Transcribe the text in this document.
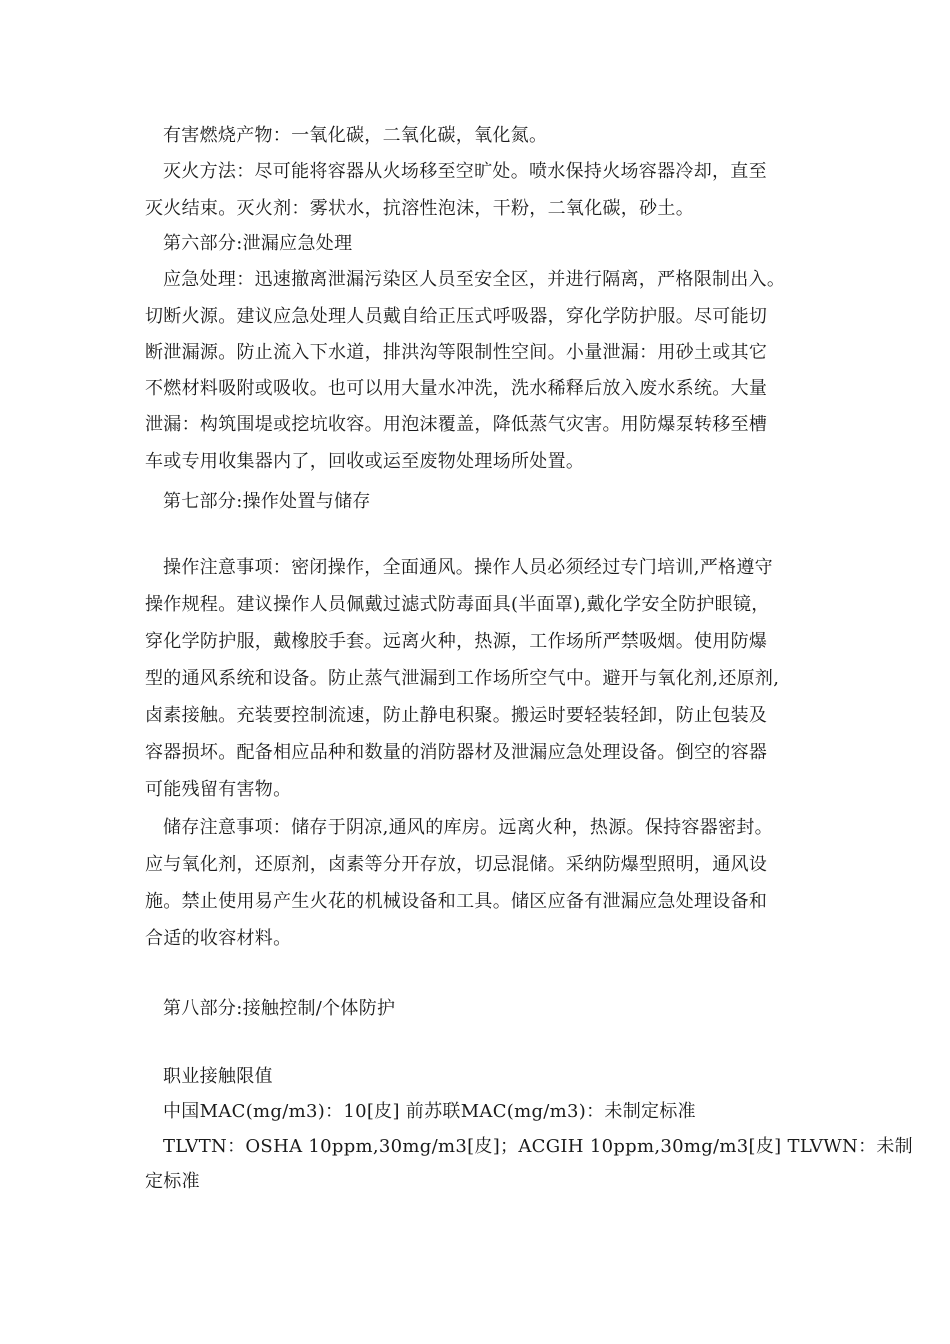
有害燃烧产物：一氧化碳，二氧化碳，氧化氮。
灭火方法：尽可能将容器从火场移至空旷处。喷水保持火场容器冷却，直至
灭火结束。灭火剂：雾状水，抗溶性泡沫，干粉，二氧化碳，砂土。
第六部分:泄漏应急处理
应急处理：迅速撤离泄漏污染区人员至安全区，并进行隔离，严格限制出入。
切断火源。建议应急处理人员戴自给正压式呼吸器，穿化学防护服。尽可能切
断泄漏源。防止流入下水道，排洪沟等限制性空间。小量泄漏：用砂土或其它
不燃材料吸附或吸收。也可以用大量水冲洗，洗水稀释后放入废水系统。大量
泄漏：构筑围堤或挖坑收容。用泡沫覆盖，降低蒸气灾害。用防爆泵转移至槽
车或专用收集器内了，回收或运至废物处理场所处置。
第七部分:操作处置与储存
操作注意事项：密闭操作，全面通风。操作人员必须经过专门培训,严格遵守
操作规程。建议操作人员佩戴过滤式防毒面具(半面罩),戴化学安全防护眼镜，
穿化学防护服，戴橡胶手套。远离火种，热源，工作场所严禁吸烟。使用防爆
型的通风系统和设备。防止蒸气泄漏到工作场所空气中。避开与氧化剂,还原剂,
卤素接触。充装要控制流速，防止静电积聚。搬运时要轻装轻卸，防止包装及
容器损坏。配备相应品种和数量的消防器材及泄漏应急处理设备。倒空的容器
可能残留有害物。
储存注意事项：储存于阴凉,通风的库房。远离火种，热源。保持容器密封。
应与氧化剂，还原剂，卤素等分开存放，切忌混储。采纳防爆型照明，通风设
施。禁止使用易产生火花的机械设备和工具。储区应备有泄漏应急处理设备和
合适的收容材料。
第八部分:接触控制/个体防护
职业接触限值
中国MAC(mg/m3)：10[皮] 前苏联MAC(mg/m3)：未制定标准
TLVTN：OSHA 10ppm,30mg/m3[皮]；ACGIH 10ppm,30mg/m3[皮] TLVWN：未制
定标准
